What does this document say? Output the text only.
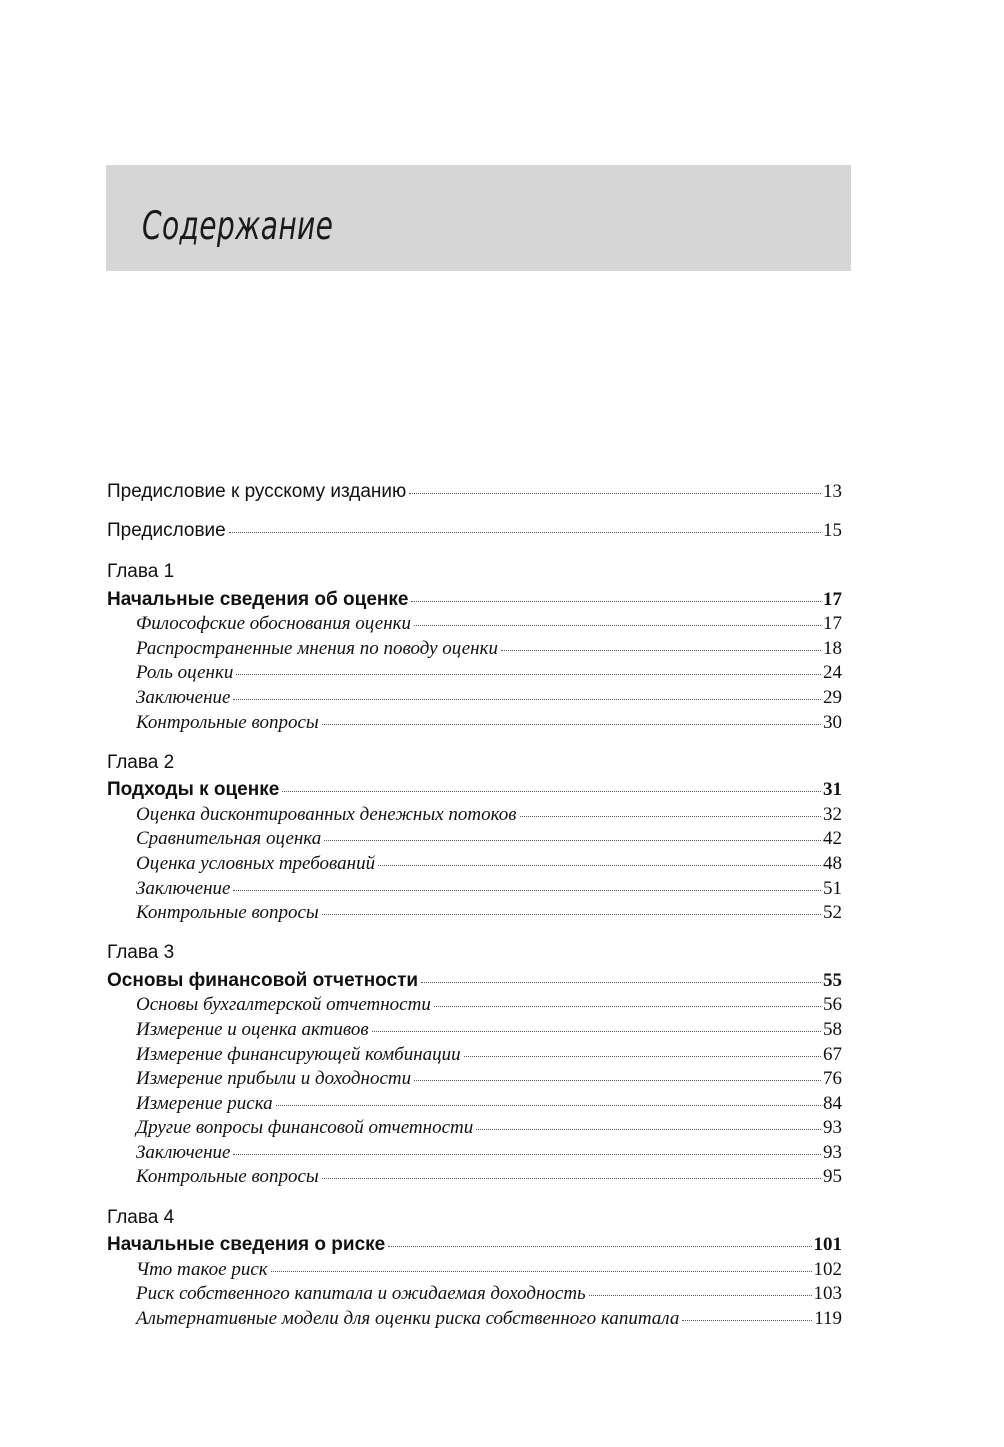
Содержание
Предисловие к русскому изданию	13
Предисловие	15
Глава 1
Начальные сведения об оценке	17
Философские обоснования оценки	17
Распространенные мнения по поводу оценки	18
Роль оценки	24
Заключение	29
Контрольные вопросы	30
Глава 2
Подходы к оценке	31
Оценка дисконтированных денежных потоков	32
Сравнительная оценка	42
Оценка условных требований	48
Заключение	51
Контрольные вопросы	52
Глава 3
Основы финансовой отчетности	55
Основы бухгалтерской отчетности	56
Измерение и оценка активов	58
Измерение финансирующей комбинации	67
Измерение прибыли и доходности	76
Измерение риска	84
Другие вопросы финансовой отчетности	93
Заключение	93
Контрольные вопросы	95
Глава 4
Начальные сведения о риске	101
Что такое риск	102
Риск собственного капитала и ожидаемая доходность	103
Альтернативные модели для оценки риска собственного капитала	119
